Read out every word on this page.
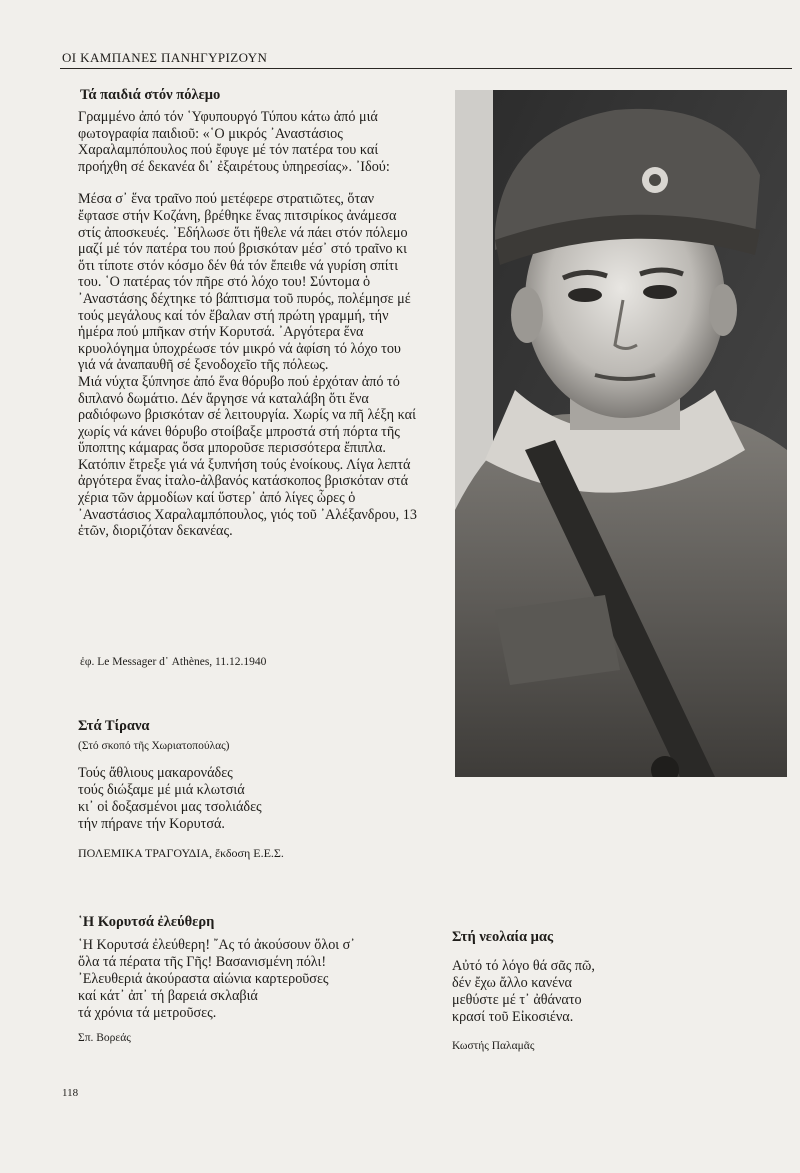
ΟΙ ΚΑΜΠΑΝΕΣ ΠΑΝΗΓΥΡΙΖΟΥΝ
Τά παιδιά στόν πόλεμο

Γραμμένο ἀπό τόν ῾Υφυπουργό Τύπου κάτω ἀπό μιά φωτογραφία παιδιοῦ: «῾Ο μικρός ᾿Αναστάσιος Χαραλαμπόπουλος πού ἔφυγε μέ τόν πατέρα του καί προήχθη σέ δεκανέα δι᾿ ἐξαιρέτους ὑπηρεσίας». ᾿Ιδού:

Μέσα σ᾿ ἕνα τραῖνο πού μετέφερε στρατιῶτες, ὅταν ἔφτασε στήν Κοζάνη, βρέθηκε ἕνας πιτσιρίκος ἀνάμεσα στίς ἀποσκευές. ᾿Εδήλωσε ὅτι ἤθελε νά πάει στόν πόλεμο μαζί μέ τόν πατέρα του πού βρισκόταν μέσ᾿ στό τραῖνο κι ὅτι τίποτε στόν κόσμο δέν θά τόν ἔπειθε νά γυρίση σπίτι του. ῾Ο πατέρας τόν πῆρε στό λόχο του! Σύντομα ὁ ᾿Αναστάσης δέχτηκε τό βάπτισμα τοῦ πυρός, πολέμησε μέ τούς μεγάλους καί τόν ἔβαλαν στή πρώτη γραμμή, τήν ἡμέρα πού μπῆκαν στήν Κορυτσά. ᾿Αργότερα ἕνα κρυολόγημα ὑποχρέωσε τόν μικρό νά ἀφίση τό λόχο του γιά νά ἀναπαυθῆ σέ ξενοδοχεῖο τῆς πόλεως.

Μιά νύχτα ξύπνησε ἀπό ἕνα θόρυβο πού ἐρχόταν ἀπό τό διπλανό δωμάτιο. Δέν ἄργησε νά καταλάβη ὅτι ἕνα ραδιόφωνο βρισκόταν σέ λειτουργία. Χωρίς να πῆ λέξη καί χωρίς νά κάνει θόρυβο στοίβαξε μπροστά στή πόρτα τῆς ὕποπτης κάμαρας ὅσα μποροῦσε περισσότερα ἔπιπλα. Κατόπιν ἔτρεξε γιά νά ξυπνήση τούς ἐνοίκους. Λίγα λεπτά ἀργότερα ἕνας ἰταλο-ἀλβανός κατάσκοπος βρισκόταν στά χέρια τῶν ἁρμοδίων καί ὕστερ᾿ ἀπό λίγες ὧρες ὁ ᾿Αναστάσιος Χαραλαμπόπουλος, γιός τοῦ ᾿Αλέξανδρου, 13 ἐτῶν, διοριζόταν δεκανέας.

ἐφ. Le Messager d᾿ Athènes, 11.12.1940
Στά Τίρανα
(Στό σκοπό τῆς Χωριατοπούλας)
Τούς ἄθλιους μακαρονάδες
τούς διώξαμε μέ μιά κλωτσιά
κι᾿ οἱ δοξασμένοι μας τσολιάδες
τήν πήρανε τήν Κορυτσά.
ΠΟΛΕΜΙΚΑ ΤΡΑΓΟΥΔΙΑ, ἔκδοση Ε.Ε.Σ.
῾Η Κορυτσά ἐλεύθερη
῾Η Κορυτσά ἐλεύθερη! ῎Ας τό ἀκούσουν ὅλοι σ᾿
ὅλα τά πέρατα τῆς Γῆς! Βασανισμένη πόλι!
᾿Ελευθεριά ἀκούραστα αἰώνια καρτεροῦσες
καί κάτ᾿ ἀπ᾿ τή βαρειά σκλαβιά
τά χρόνια τά μετροῦσες.
Σπ. Βορεάς
Στή νεολαία μας
Αὐτό τό λόγο θά σᾶς πῶ,
δέν ἔχω ἄλλο κανένα
μεθύστε μέ τ᾿ ἀθάνατο
κρασί τοῦ Εἰκοσιένα.
Κωστής Παλαμᾶς
118
